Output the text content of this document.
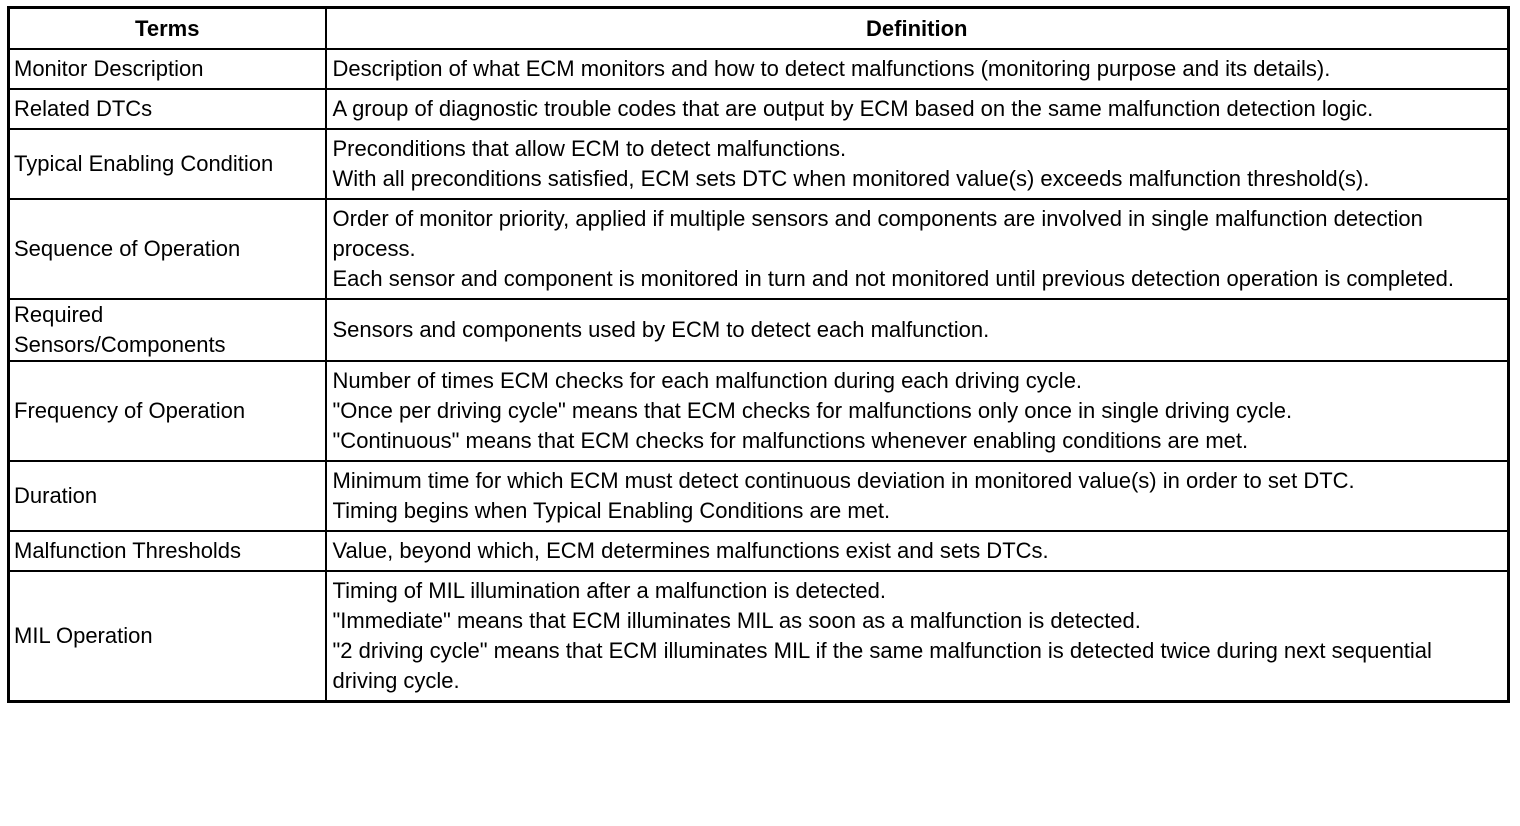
Terms	Definition
Monitor Description	Description of what ECM monitors and how to detect malfunctions (monitoring purpose and its details).

Related DTCs	A group of diagnostic trouble codes that are output by ECM based on the same malfunction detection logic.

Typical Enabling Condition	Preconditions that allow ECM to detect malfunctions.
With all preconditions satisfied, ECM sets DTC when monitored value(s) exceeds malfunction threshold(s).

Sequence of Operation	Order of monitor priority, applied if multiple sensors and components are involved in single malfunction detection process.
Each sensor and component is monitored in turn and not monitored until previous detection operation is completed.

Required Sensors/Components	Sensors and components used by ECM to detect each malfunction.

Frequency of Operation	Number of times ECM checks for each malfunction during each driving cycle.
"Once per driving cycle" means that ECM checks for malfunctions only once in single driving cycle.
"Continuous" means that ECM checks for malfunctions whenever enabling conditions are met.

Duration	Minimum time for which ECM must detect continuous deviation in monitored value(s) in order to set DTC.
Timing begins when Typical Enabling Conditions are met.

Malfunction Thresholds	Value, beyond which, ECM determines malfunctions exist and sets DTCs.

MIL Operation	Timing of MIL illumination after a malfunction is detected.
"Immediate" means that ECM illuminates MIL as soon as a malfunction is detected.
"2 driving cycle" means that ECM illuminates MIL if the same malfunction is detected twice during next sequential driving cycle.
